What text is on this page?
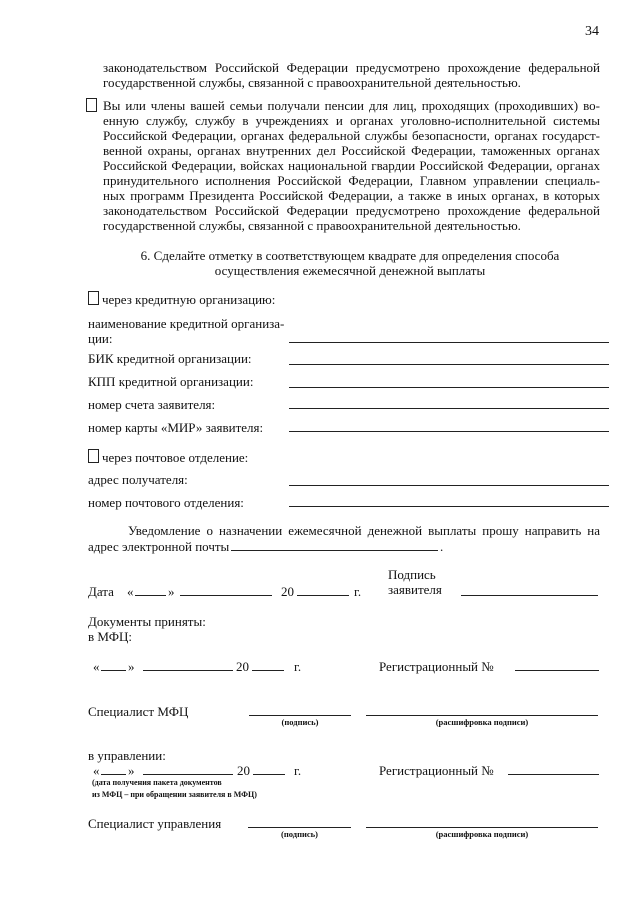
34
законодательством Российской Федерации предусмотрено прохождение федеральной
государственной службы, связанной с правоохранительной деятельностью.
Вы или члены вашей семьи получали пенсии для лиц, проходящих (проходивших) во-
енную службу, службу в учреждениях и органах уголовно-исполнительной системы
Российской Федерации, органах федеральной службы безопасности, органах государст-
венной охраны, органах внутренних дел Российской Федерации, таможенных органах
Российской Федерации, войсках национальной гвардии Российской Федерации, органах
принудительного исполнения Российской Федерации, Главном управлении специаль-
ных программ Президента Российской Федерации, а также в иных органах, в которых
законодательством Российской Федерации предусмотрено прохождение федеральной
государственной службы, связанной с правоохранительной деятельностью.
6. Сделайте отметку в соответствующем квадрате для определения способа
осуществления ежемесячной денежной выплаты
через кредитную организацию:
наименование кредитной организа-
ции:
БИК кредитной организации:
КПП кредитной организации:
номер счета заявителя:
номер карты «МИР» заявителя:
через почтовое отделение:
адрес получателя:
номер почтового отделения:
Уведомление о назначении ежемесячной денежной выплаты прошу направить на
адрес электронной почты	.
Дата «	»	20	г.
Подпись
заявителя
Документы приняты:
в МФЦ:
« »	20	г.	Регистрационный №
Специалист МФЦ
(подпись)	(расшифровка подписи)
в управлении:
« »	20	г.	Регистрационный №
(дата получения пакета документов
из МФЦ – при обращении заявителя в МФЦ)
Специалист управления
(подпись)	(расшифровка подписи)
